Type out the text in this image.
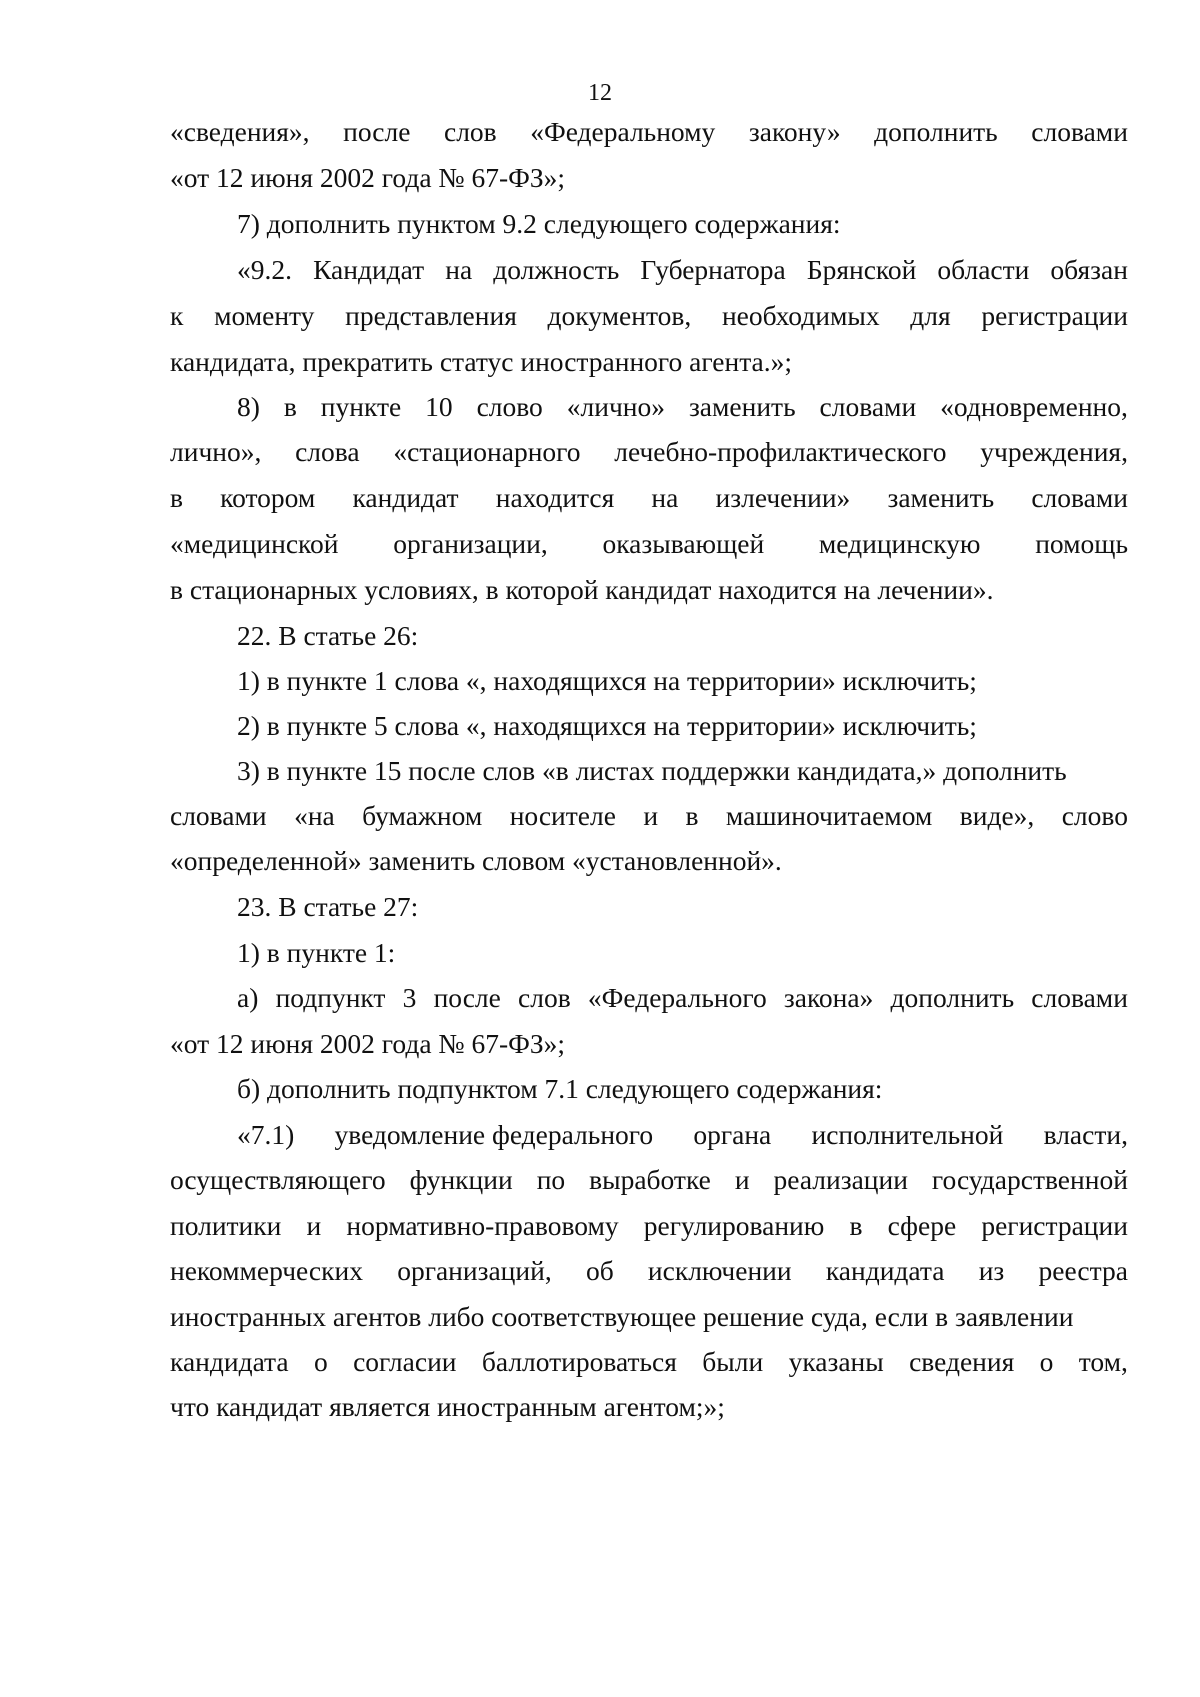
12
«сведения», после слов «Федеральному закону» дополнить словами
«от 12 июня 2002 года № 67-ФЗ»;
7) дополнить пунктом 9.2 следующего содержания:
«9.2. Кандидат на должность Губернатора Брянской области обязан
к моменту представления документов, необходимых для регистрации
кандидата, прекратить статус иностранного агента.»;
8) в пункте 10 слово «лично» заменить словами «одновременно,
лично», слова «стационарного лечебно-профилактического учреждения,
в котором кандидат находится на излечении» заменить словами
«медицинской организации, оказывающей медицинскую помощь
в стационарных условиях, в которой кандидат находится на лечении».
22. В статье 26:
1) в пункте 1 слова «, находящихся на территории» исключить;
2) в пункте 5 слова «, находящихся на территории» исключить;
3) в пункте 15 после слов «в листах поддержки кандидата,» дополнить
словами «на бумажном носителе и в машиночитаемом виде», слово
«определенной» заменить словом «установленной».
23. В статье 27:
1) в пункте 1:
а) подпункт 3 после слов «Федерального закона» дополнить словами
«от 12 июня 2002 года № 67-ФЗ»;
б) дополнить подпунктом 7.1 следующего содержания:
«7.1) уведомление федерального органа исполнительной власти,
осуществляющего функции по выработке и реализации государственной
политики и нормативно-правовому регулированию в сфере регистрации
некоммерческих организаций, об исключении кандидата из реестра
иностранных агентов либо соответствующее решение суда, если в заявлении
кандидата о согласии баллотироваться были указаны сведения о том,
что кандидат является иностранным агентом;»;
